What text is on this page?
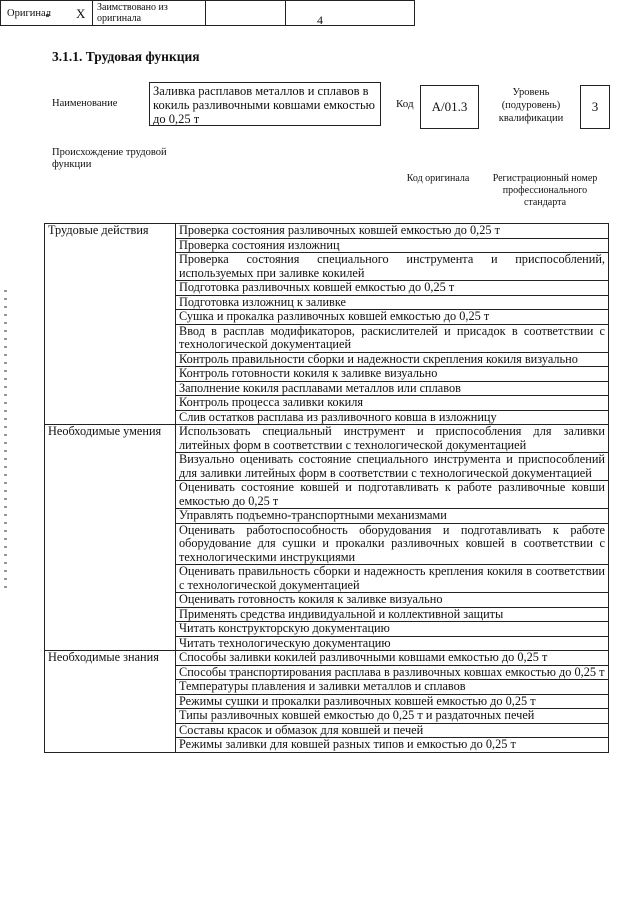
4
3.1.1. Трудовая функция
Наименование
Заливка расплавов металлов и сплавов в кокиль разливочными ковшами емкостью до 0,25 т
Код А/01.3
Уровень (подуровень) квалификации
3
Происхождение трудовой функции
Оригинал X Заимствовано из оригинала
Код оригинала	Регистрационный номер профессионального стандарта
Трудовые действия	Проверка состояния разливочных ковшей емкостью до 0,25 т
	Проверка состояния изложниц
	Проверка состояния специального инструмента и приспособлений, используемых при заливке кокилей
	Подготовка разливочных ковшей емкостью до 0,25 т
	Подготовка изложниц к заливке
	Сушка и прокалка разливочных ковшей емкостью до 0,25 т
	Ввод в расплав модификаторов, раскислителей и присадок в соответствии с технологической документацией
	Контроль правильности сборки и надежности скрепления кокиля визуально
	Контроль готовности кокиля к заливке визуально
	Заполнение кокиля расплавами металлов или сплавов
	Контроль процесса заливки кокиля
	Слив остатков расплава из разливочного ковша в изложницу
Необходимые умения	Использовать специальный инструмент и приспособления для заливки литейных форм в соответствии с технологической документацией
	Визуально оценивать состояние специального инструмента и приспособлений для заливки литейных форм в соответствии с технологической документацией
	Оценивать состояние ковшей и подготавливать к работе разливочные ковши емкостью до 0,25 т
	Управлять подъемно-транспортными механизмами
	Оценивать работоспособность оборудования и подготавливать к работе оборудование для сушки и прокалки разливочных ковшей в соответствии с технологическими инструкциями
	Оценивать правильность сборки и надежность крепления кокиля в соответствии с технологической документацией
	Оценивать готовность кокиля к заливке визуально
	Применять средства индивидуальной и коллективной защиты
	Читать конструкторскую документацию
	Читать технологическую документацию
Необходимые знания	Способы заливки кокилей разливочными ковшами емкостью до 0,25 т
	Способы транспортирования расплава в разливочных ковшах емкостью до 0,25 т
	Температуры плавления и заливки металлов и сплавов
	Режимы сушки и прокалки разливочных ковшей емкостью до 0,25 т
	Типы разливочных ковшей емкостью до 0,25 т и раздаточных печей
	Составы красок и обмазок для ковшей и печей
	Режимы заливки для ковшей разных типов и емкостью до 0,25 т
